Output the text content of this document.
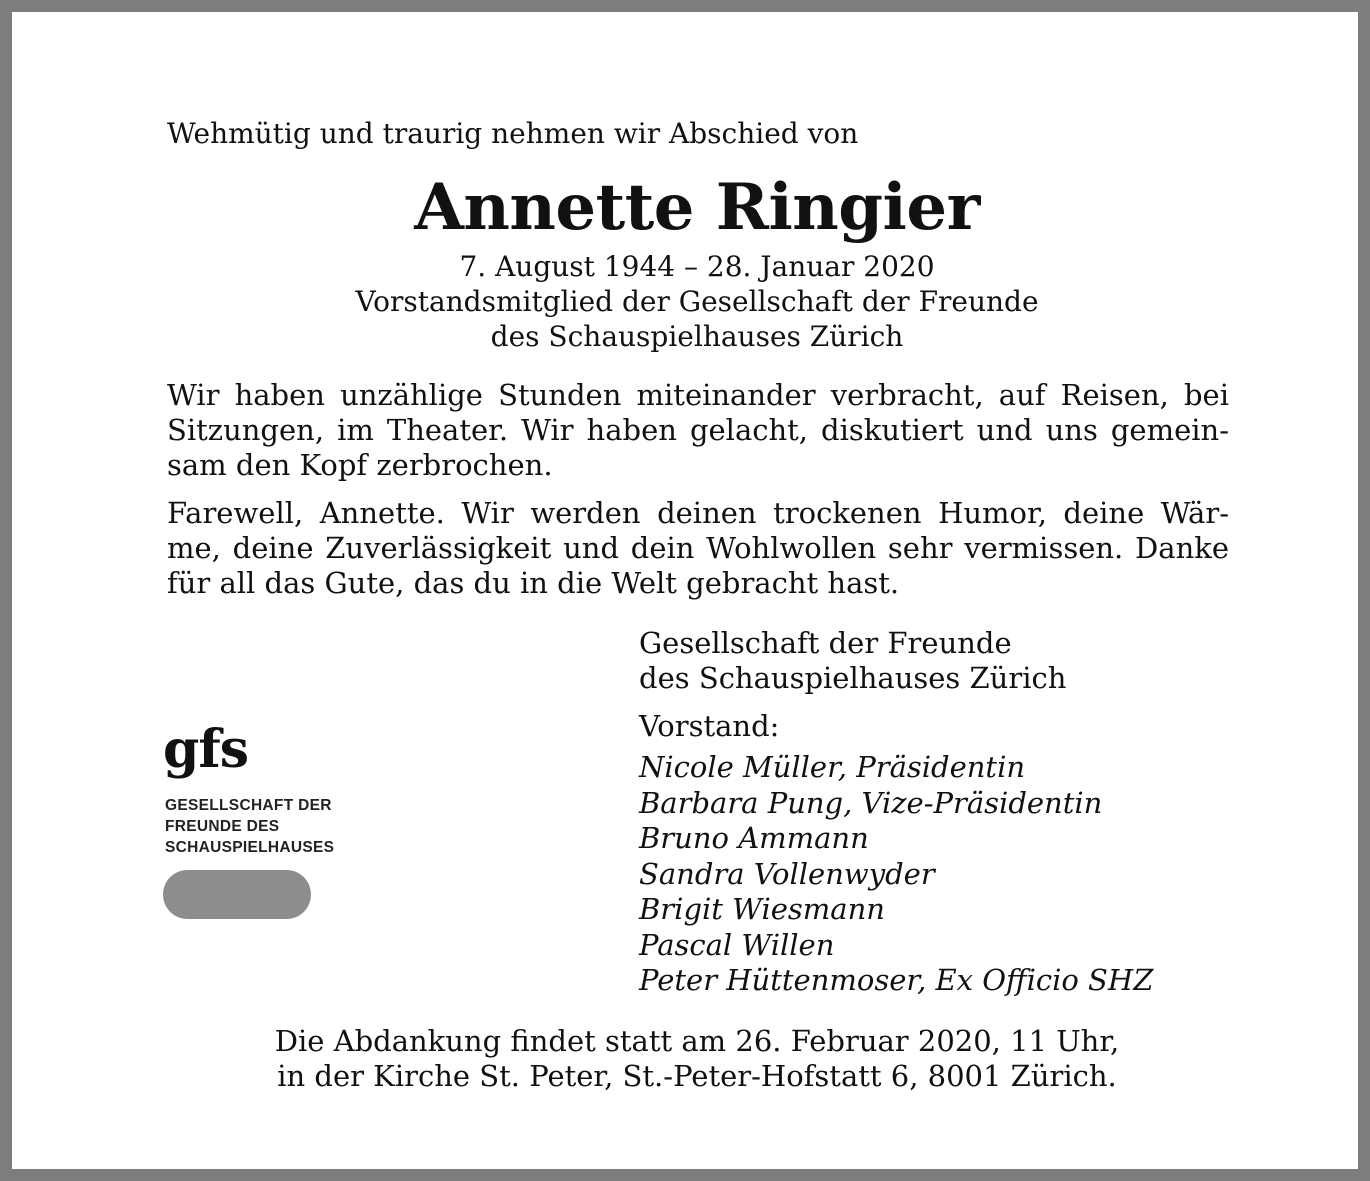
Wehmütig und traurig nehmen wir Abschied von
Annette Ringier
7. August 1944 – 28. Januar 2020
Vorstandsmitglied der Gesellschaft der Freunde
des Schauspielhauses Zürich
Wir haben unzählige Stunden miteinander verbracht, auf Reisen, bei
Sitzungen, im Theater. Wir haben gelacht, diskutiert und uns gemein-
sam den Kopf zerbrochen.
Farewell, Annette. Wir werden deinen trockenen Humor, deine Wär-
me, deine Zuverlässigkeit und dein Wohlwollen sehr vermissen. Danke
für all das Gute, das du in die Welt gebracht hast.
Gesellschaft der Freunde
des Schauspielhauses Zürich
Vorstand:
Nicole Müller, Präsidentin
Barbara Pung, Vize-Präsidentin
Bruno Ammann
Sandra Vollenwyder
Brigit Wiesmann
Pascal Willen
Peter Hüttenmoser, Ex Officio SHZ
gfs
GESELLSCHAFT DER
FREUNDE DES
SCHAUSPIELHAUSES
Die Abdankung findet statt am 26. Februar 2020, 11 Uhr,
in der Kirche St. Peter, St.-Peter-Hofstatt 6, 8001 Zürich.
